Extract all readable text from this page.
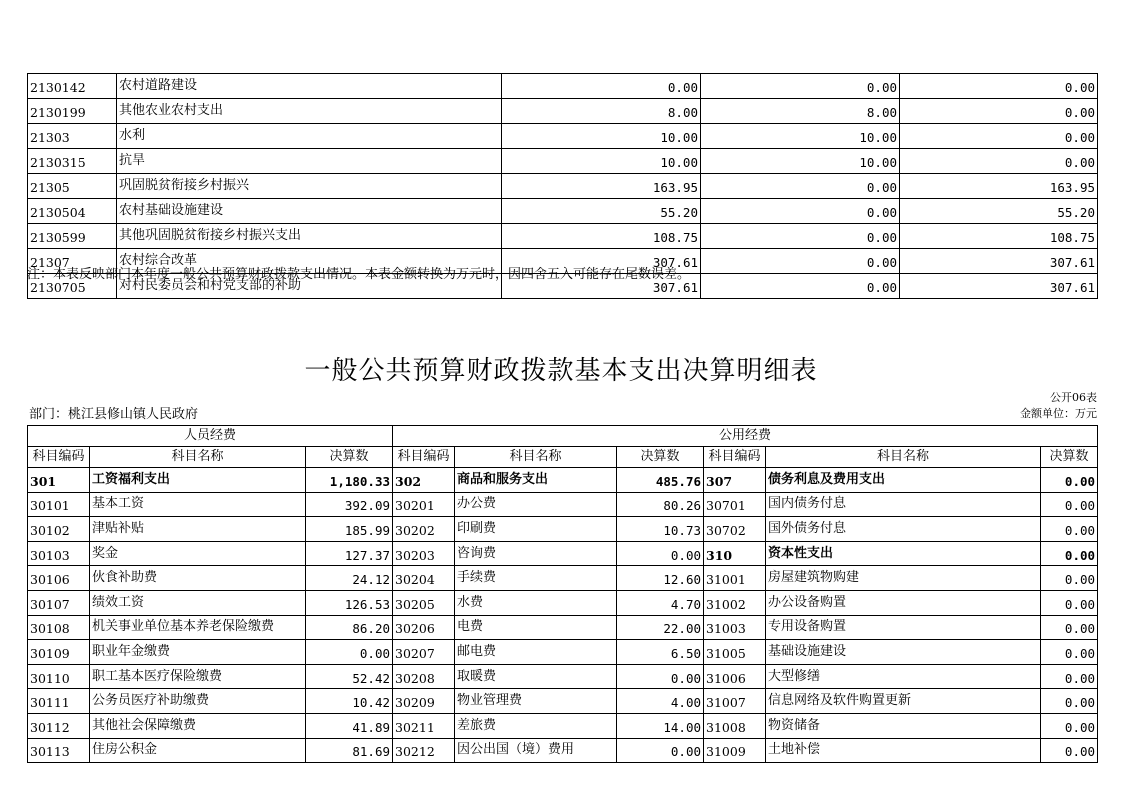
2130142	农村道路建设	0.00	0.00	0.00
2130199	其他农业农村支出	8.00	8.00	0.00
21303	水利	10.00	10.00	0.00
2130315	抗旱	10.00	10.00	0.00
21305	巩固脱贫衔接乡村振兴	163.95	0.00	163.95
2130504	农村基础设施建设	55.20	0.00	55.20
2130599	其他巩固脱贫衔接乡村振兴支出	108.75	0.00	108.75
21307	农村综合改革	307.61	0.00	307.61
2130705	对村民委员会和村党支部的补助	307.61	0.00	307.61
注：本表反映部门本年度一般公共预算财政拨款支出情况。本表金额转换为万元时，因四舍五入可能存在尾数误差。
一般公共预算财政拨款基本支出决算明细表
公开06表
部门：桃江县修山镇人民政府	金额单位：万元
人员经费			公用经费					
科目编码	科目名称	决算数	科目编码	科目名称	决算数	科目编码	科目名称	决算数
301	工资福利支出	1,180.33	302	商品和服务支出	485.76	307	债务利息及费用支出	0.00
30101	基本工资	392.09	30201	办公费	80.26	30701	国内债务付息	0.00
30102	津贴补贴	185.99	30202	印刷费	10.73	30702	国外债务付息	0.00
30103	奖金	127.37	30203	咨询费	0.00	310	资本性支出	0.00
30106	伙食补助费	24.12	30204	手续费	12.60	31001	房屋建筑物购建	0.00
30107	绩效工资	126.53	30205	水费	4.70	31002	办公设备购置	0.00
30108	机关事业单位基本养老保险缴费	86.20	30206	电费	22.00	31003	专用设备购置	0.00
30109	职业年金缴费	0.00	30207	邮电费	6.50	31005	基础设施建设	0.00
30110	职工基本医疗保险缴费	52.42	30208	取暖费	0.00	31006	大型修缮	0.00
30111	公务员医疗补助缴费	10.42	30209	物业管理费	4.00	31007	信息网络及软件购置更新	0.00
30112	其他社会保障缴费	41.89	30211	差旅费	14.00	31008	物资储备	0.00
30113	住房公积金	81.69	30212	因公出国（境）费用	0.00	31009	土地补偿	0.00
